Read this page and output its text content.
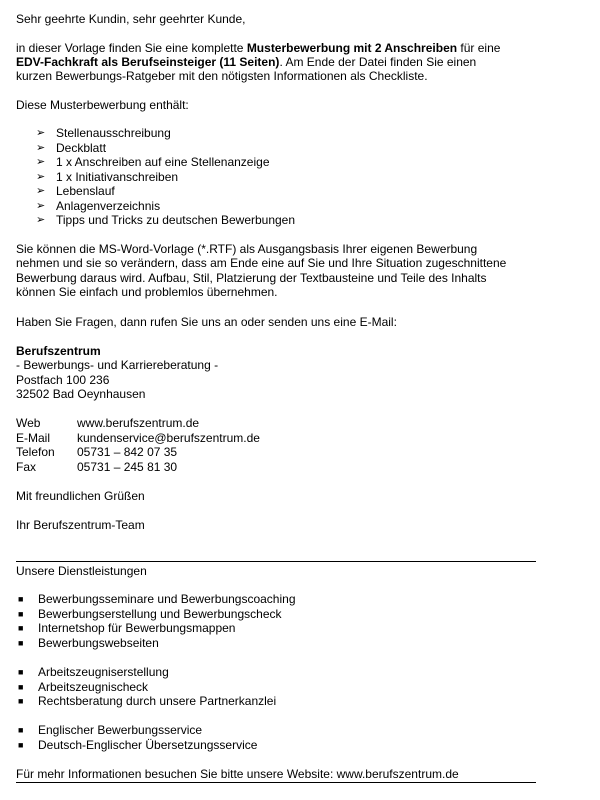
Sehr geehrte Kundin, sehr geehrter Kunde,
in dieser Vorlage finden Sie eine komplette Musterbewerbung mit 2 Anschreiben für eine
EDV-Fachkraft als Berufseinsteiger (11 Seiten). Am Ende der Datei finden Sie einen
kurzen Bewerbungs-Ratgeber mit den nötigsten Informationen als Checkliste.
Diese Musterbewerbung enthält:
➢ Stellenausschreibung
➢ Deckblatt
➢ 1 x Anschreiben auf eine Stellenanzeige
➢ 1 x Initiativanschreiben
➢ Lebenslauf
➢ Anlagenverzeichnis
➢ Tipps und Tricks zu deutschen Bewerbungen
Sie können die MS-Word-Vorlage (*.RTF) als Ausgangsbasis Ihrer eigenen Bewerbung
nehmen und sie so verändern, dass am Ende eine auf Sie und Ihre Situation zugeschnittene
Bewerbung daraus wird. Aufbau, Stil, Platzierung der Textbausteine und Teile des Inhalts
können Sie einfach und problemlos übernehmen.
Haben Sie Fragen, dann rufen Sie uns an oder senden uns eine E-Mail:
Berufszentrum
- Bewerbungs- und Karriereberatung -
Postfach 100 236
32502 Bad Oeynhausen
Web	www.berufszentrum.de
E-Mail kundenservice@berufszentrum.de
Telefon 05731 – 842 07 35
Fax	05731 – 245 81 30
Mit freundlichen Grüßen
Ihr Berufszentrum-Team
Unsere Dienstleistungen
■	Bewerbungsseminare und Bewerbungscoaching
■	Bewerbungserstellung und Bewerbungscheck
■	Internetshop für Bewerbungsmappen
■	Bewerbungswebseiten
■	Arbeitszeugniserstellung
■	Arbeitszeugnischeck
■	Rechtsberatung durch unsere Partnerkanzlei
■	Englischer Bewerbungsservice
■	Deutsch-Englischer Übersetzungsservice
Für mehr Informationen besuchen Sie bitte unsere Website: www.berufszentrum.de
